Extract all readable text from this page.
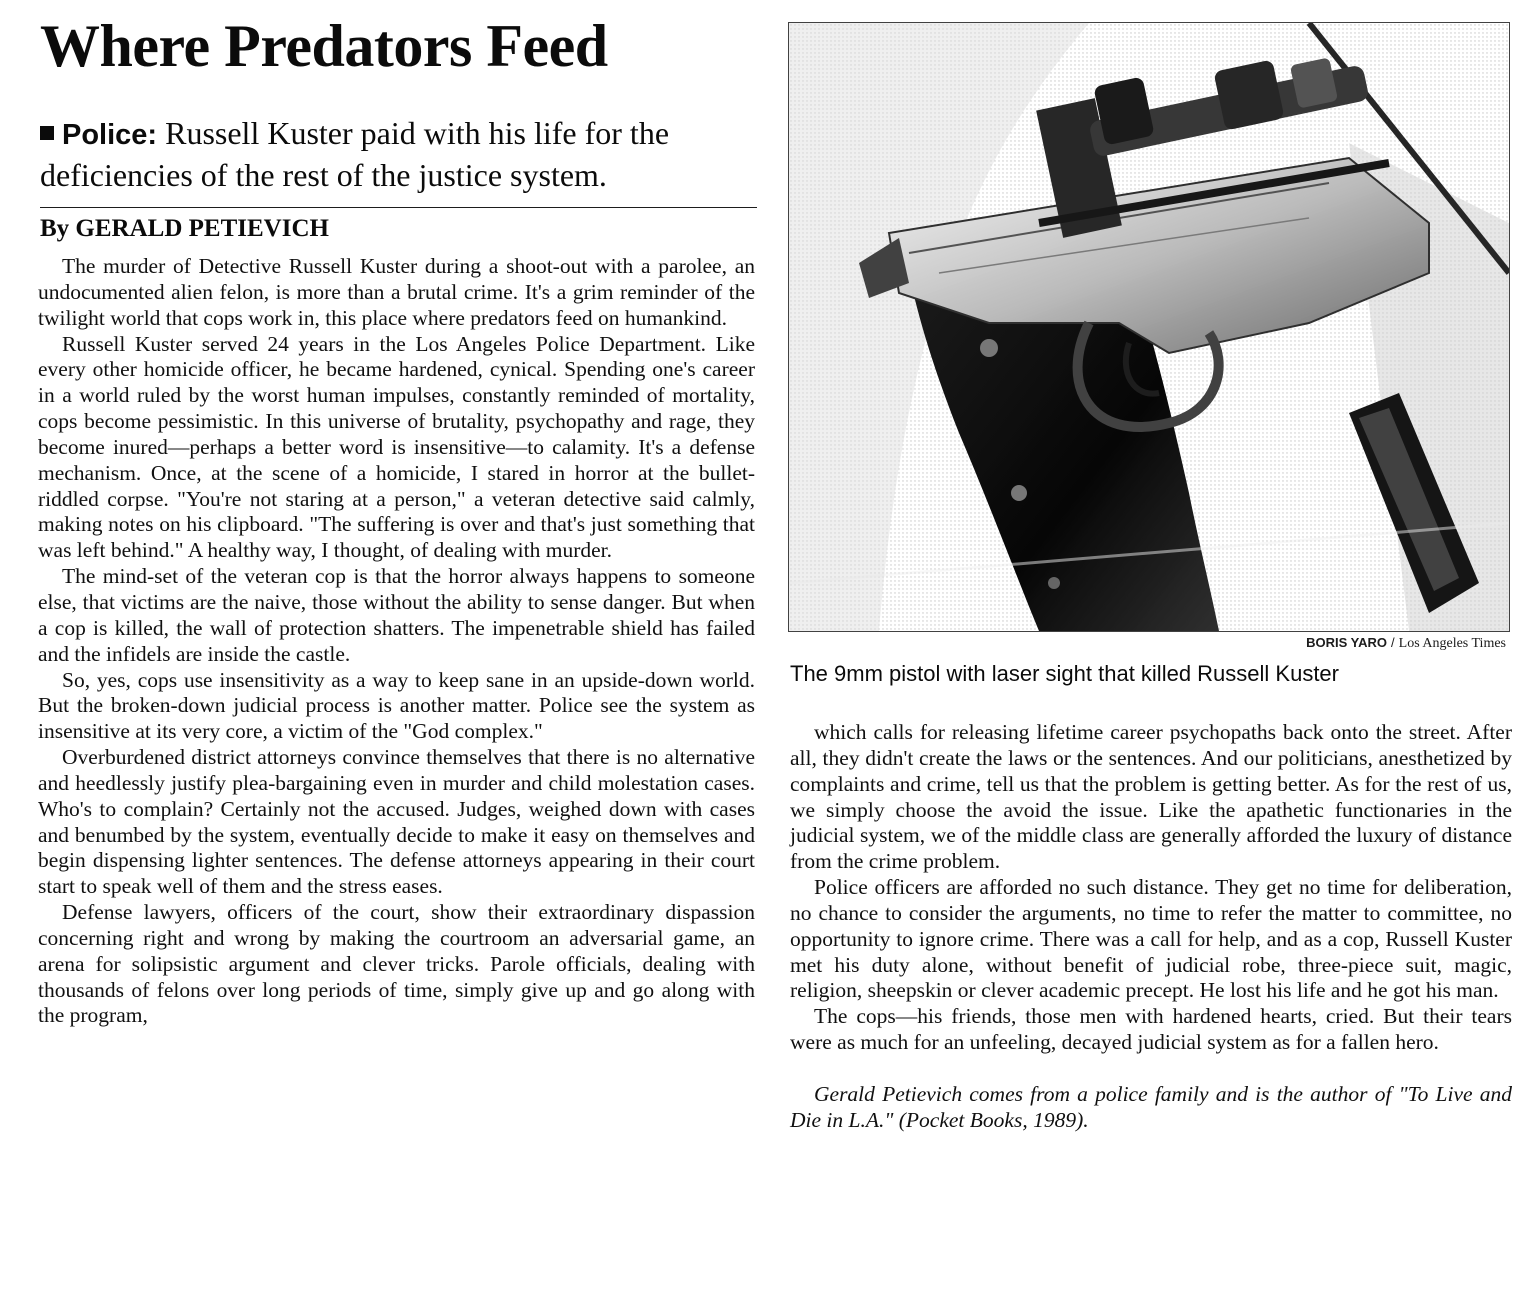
Where Predators Feed
Police: Russell Kuster paid with his life for the deficiencies of the rest of the justice system.
By GERALD PETIEVICH

The murder of Detective Russell Kuster during a shoot-out with a parolee, an undocumented alien felon, is more than a brutal crime. It's a grim reminder of the twilight world that cops work in, this place where predators feed on humankind.

Russell Kuster served 24 years in the Los Angeles Police Department. Like every other homicide officer, he became hardened, cynical. Spending one's career in a world ruled by the worst human impulses, constantly reminded of mortality, cops become pessimistic. In this universe of brutality, psychopathy and rage, they become inured—perhaps a better word is insensitive—to calamity. It's a defense mechanism. Once, at the scene of a homicide, I stared in horror at the bullet-riddled corpse. "You're not staring at a person," a veteran detective said calmly, making notes on his clipboard. "The suffering is over and that's just something that was left behind." A healthy way, I thought, of dealing with murder.

The mind-set of the veteran cop is that the horror always happens to someone else, that victims are the naive, those without the ability to sense danger. But when a cop is killed, the wall of protection shatters. The impenetrable shield has failed and the infidels are inside the castle.

So, yes, cops use insensitivity as a way to keep sane in an upside-down world. But the broken-down judicial process is another matter. Police see the system as insensitive at its very core, a victim of the "God complex."

Overburdened district attorneys convince themselves that there is no alternative and heedlessly justify plea-bargaining even in murder and child molestation cases. Who's to complain? Certainly not the accused. Judges, weighed down with cases and benumbed by the system, eventually decide to make it easy on themselves and begin dispensing lighter sentences. The defense attorneys appearing in their court start to speak well of them and the stress eases.

Defense lawyers, officers of the court, show their extraordinary dispassion concerning right and wrong by making the courtroom an adversarial game, an arena for solipsistic argument and clever tricks. Parole officials, dealing with thousands of felons over long periods of time, simply give up and go along with the program,

BORIS YARO / Los Angeles Times
The 9mm pistol with laser sight that killed Russell Kuster

which calls for releasing lifetime career psychopaths back onto the street. After all, they didn't create the laws or the sentences. And our politicians, anesthetized by complaints and crime, tell us that the problem is getting better. As for the rest of us, we simply choose the avoid the issue. Like the apathetic functionaries in the judicial system, we of the middle class are generally afforded the luxury of distance from the crime problem.

Police officers are afforded no such distance. They get no time for deliberation, no chance to consider the arguments, no time to refer the matter to committee, no opportunity to ignore crime. There was a call for help, and as a cop, Russell Kuster met his duty alone, without benefit of judicial robe, three-piece suit, magic, religion, sheepskin or clever academic precept. He lost his life and he got his man.

The cops—his friends, those men with hardened hearts, cried. But their tears were as much for an unfeeling, decayed judicial system as for a fallen hero.

Gerald Petievich comes from a police family and is the author of "To Live and Die in L.A." (Pocket Books, 1989).
